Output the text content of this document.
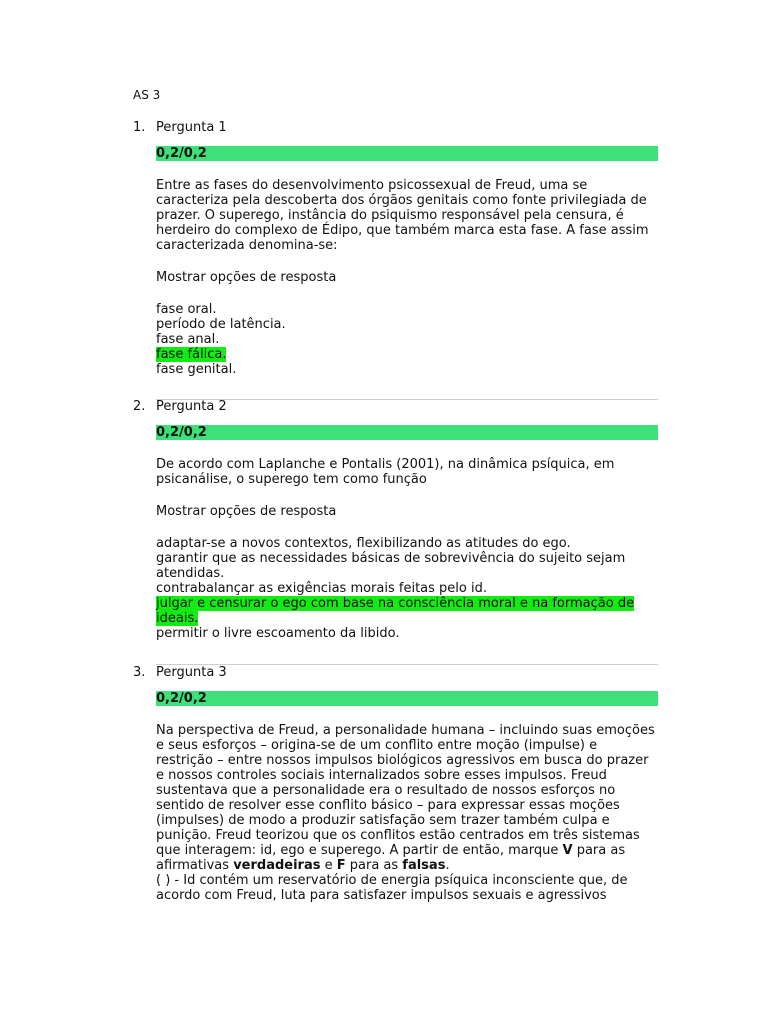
AS 3
1. Pergunta 1
0,2/0,2
Entre as fases do desenvolvimento psicossexual de Freud, uma se caracteriza pela descoberta dos órgãos genitais como fonte privilegiada de prazer. O superego, instância do psiquismo responsável pela censura, é herdeiro do complexo de Édipo, que também marca esta fase. A fase assim caracterizada denomina-se:
Mostrar opções de resposta
fase oral.
período de latência.
fase anal.
fase fálica.
fase genital.
2. Pergunta 2
0,2/0,2
De acordo com Laplanche e Pontalis (2001), na dinâmica psíquica, em psicanálise, o superego tem como função
Mostrar opções de resposta
adaptar-se a novos contextos, flexibilizando as atitudes do ego.
garantir que as necessidades básicas de sobrevivência do sujeito sejam atendidas.
contrabalançar as exigências morais feitas pelo id.
julgar e censurar o ego com base na consciência moral e na formação de ideais.
permitir o livre escoamento da libido.
3. Pergunta 3
0,2/0,2
Na perspectiva de Freud, a personalidade humana – incluindo suas emoções e seus esforços – origina-se de um conflito entre moção (impulse) e restrição – entre nossos impulsos biológicos agressivos em busca do prazer e nossos controles sociais internalizados sobre esses impulsos. Freud sustentava que a personalidade era o resultado de nossos esforços no sentido de resolver esse conflito básico – para expressar essas moções (impulses) de modo a produzir satisfação sem trazer também culpa e punição. Freud teorizou que os conflitos estão centrados em três sistemas que interagem: id, ego e superego. A partir de então, marque V para as afirmativas verdadeiras e F para as falsas.
( ) - Id contém um reservatório de energia psíquica inconsciente que, de acordo com Freud, luta para satisfazer impulsos sexuais e agressivos
